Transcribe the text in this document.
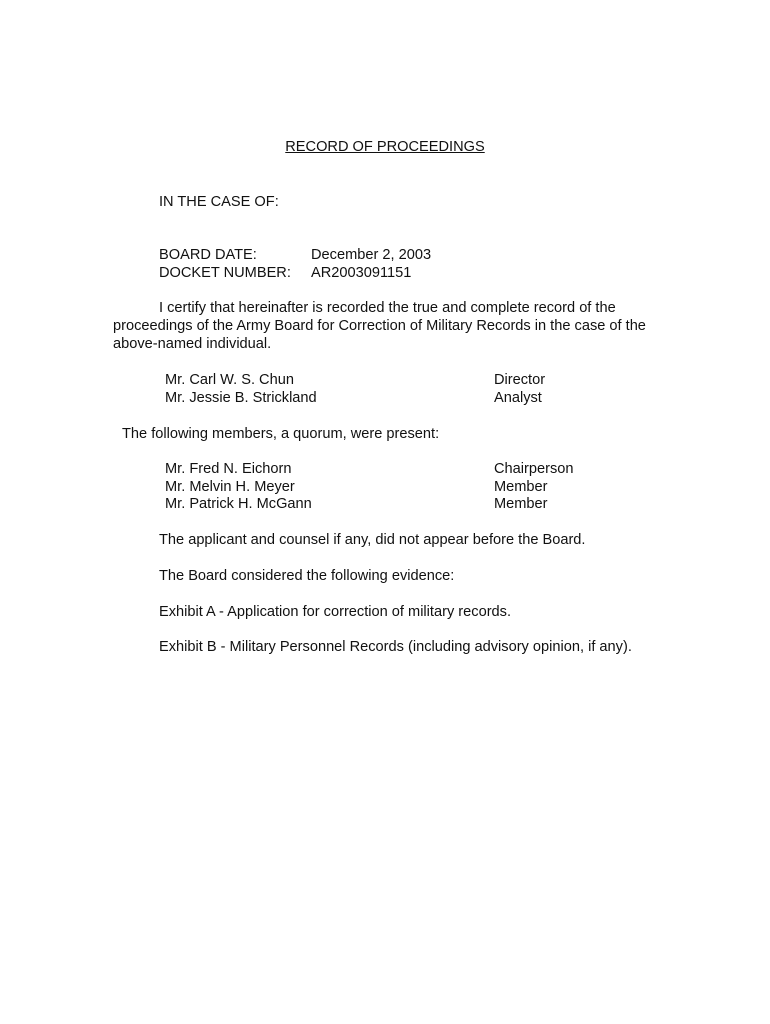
RECORD OF PROCEEDINGS
IN THE CASE OF:
BOARD DATE:	December 2, 2003
DOCKET NUMBER: AR2003091151
I certify that hereinafter is recorded the true and complete record of the proceedings of the Army Board for Correction of Military Records in the case of the above-named individual.
Mr. Carl W. S. Chun	Director
Mr. Jessie B. Strickland	Analyst
The following members, a quorum, were present:
Mr. Fred N. Eichorn	Chairperson
Mr. Melvin H. Meyer	Member
Mr. Patrick H. McGann	Member
The applicant and counsel if any, did not appear before the Board.
The Board considered the following evidence:
Exhibit A - Application for correction of military records.
Exhibit B - Military Personnel Records (including advisory opinion, if any).
